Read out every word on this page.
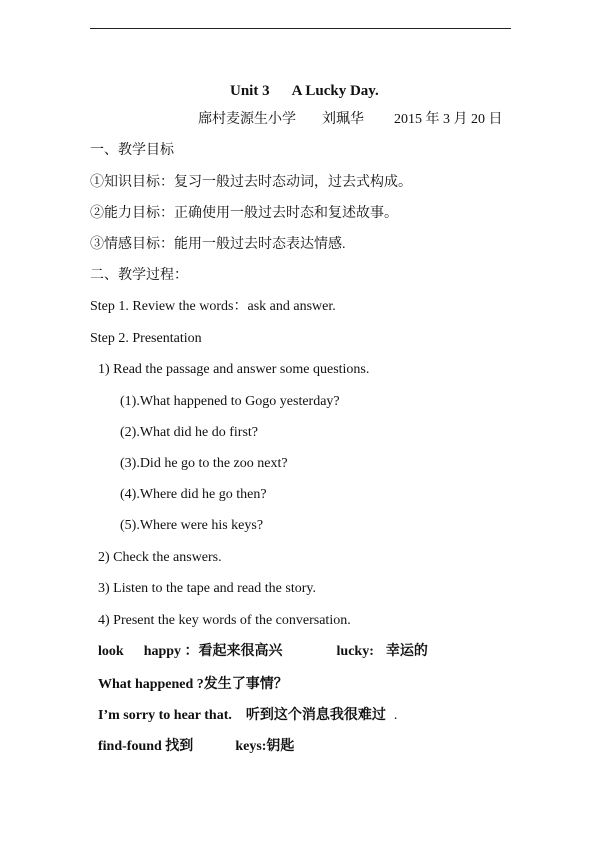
Unit 3 A Lucky Day.
廍村麦源生小学 刘珮华 2015 年 3 月 20 日
一、教学目标
①知识目标：复习一般过去时态动词，过去式构成。
②能力目标：正确使用一般过去时态和复述故事。
③情感目标：能用一般过去时态表达情感.
二、教学过程：
Step 1. Review the words：ask and answer.
Step 2. Presentation
1) Read the passage and answer some questions.
(1).What happened to Gogo yesterday?
(2).What did he do first?
(3).Did he go to the zoo next?
(4).Where did he go then?
(5).Where were his keys?
2) Check the answers.
3) Listen to the tape and read the story.
4) Present the key words of the conversation.
look happy ：看起来很高兴	lucky: 幸运的
What happened ?发生了事情？
I’m sorry to hear that. 听到这个消息我很难过 .
find-found 找到	keys:钥匙
